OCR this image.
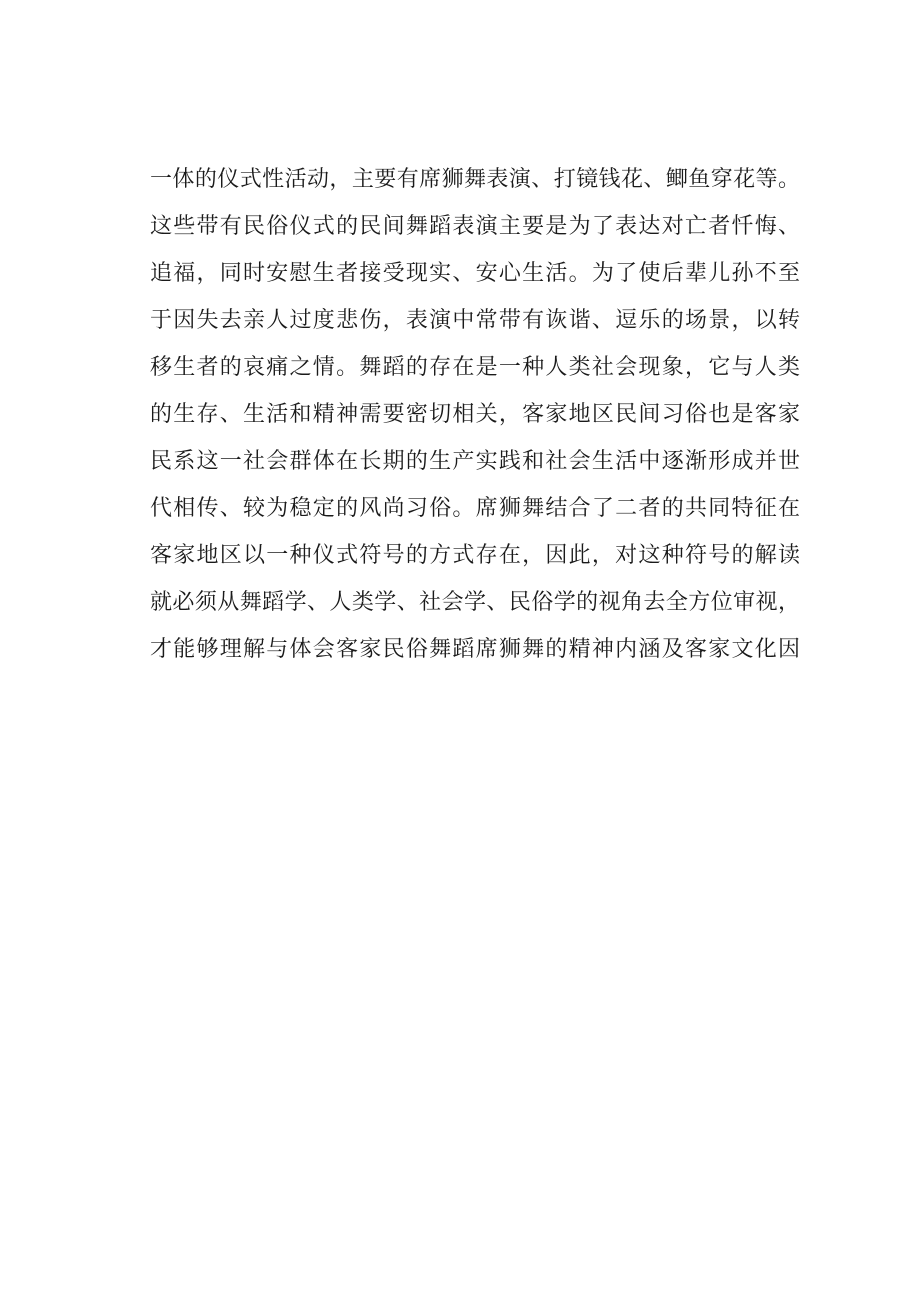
一体的仪式性活动，主要有席狮舞表演、打镜钱花、鲫鱼穿花等。
这些带有民俗仪式的民间舞蹈表演主要是为了表达对亡者忏悔、
追福，同时安慰生者接受现实、安心生活。为了使后辈儿孙不至
于因失去亲人过度悲伤，表演中常带有诙谐、逗乐的场景，以转
移生者的哀痛之情。舞蹈的存在是一种人类社会现象，它与人类
的生存、生活和精神需要密切相关，客家地区民间习俗也是客家
民系这一社会群体在长期的生产实践和社会生活中逐渐形成并世
代相传、较为稳定的风尚习俗。席狮舞结合了二者的共同特征在
客家地区以一种仪式符号的方式存在，因此，对这种符号的解读
就必须从舞蹈学、人类学、社会学、民俗学的视角去全方位审视，
才能够理解与体会客家民俗舞蹈席狮舞的精神内涵及客家文化因
